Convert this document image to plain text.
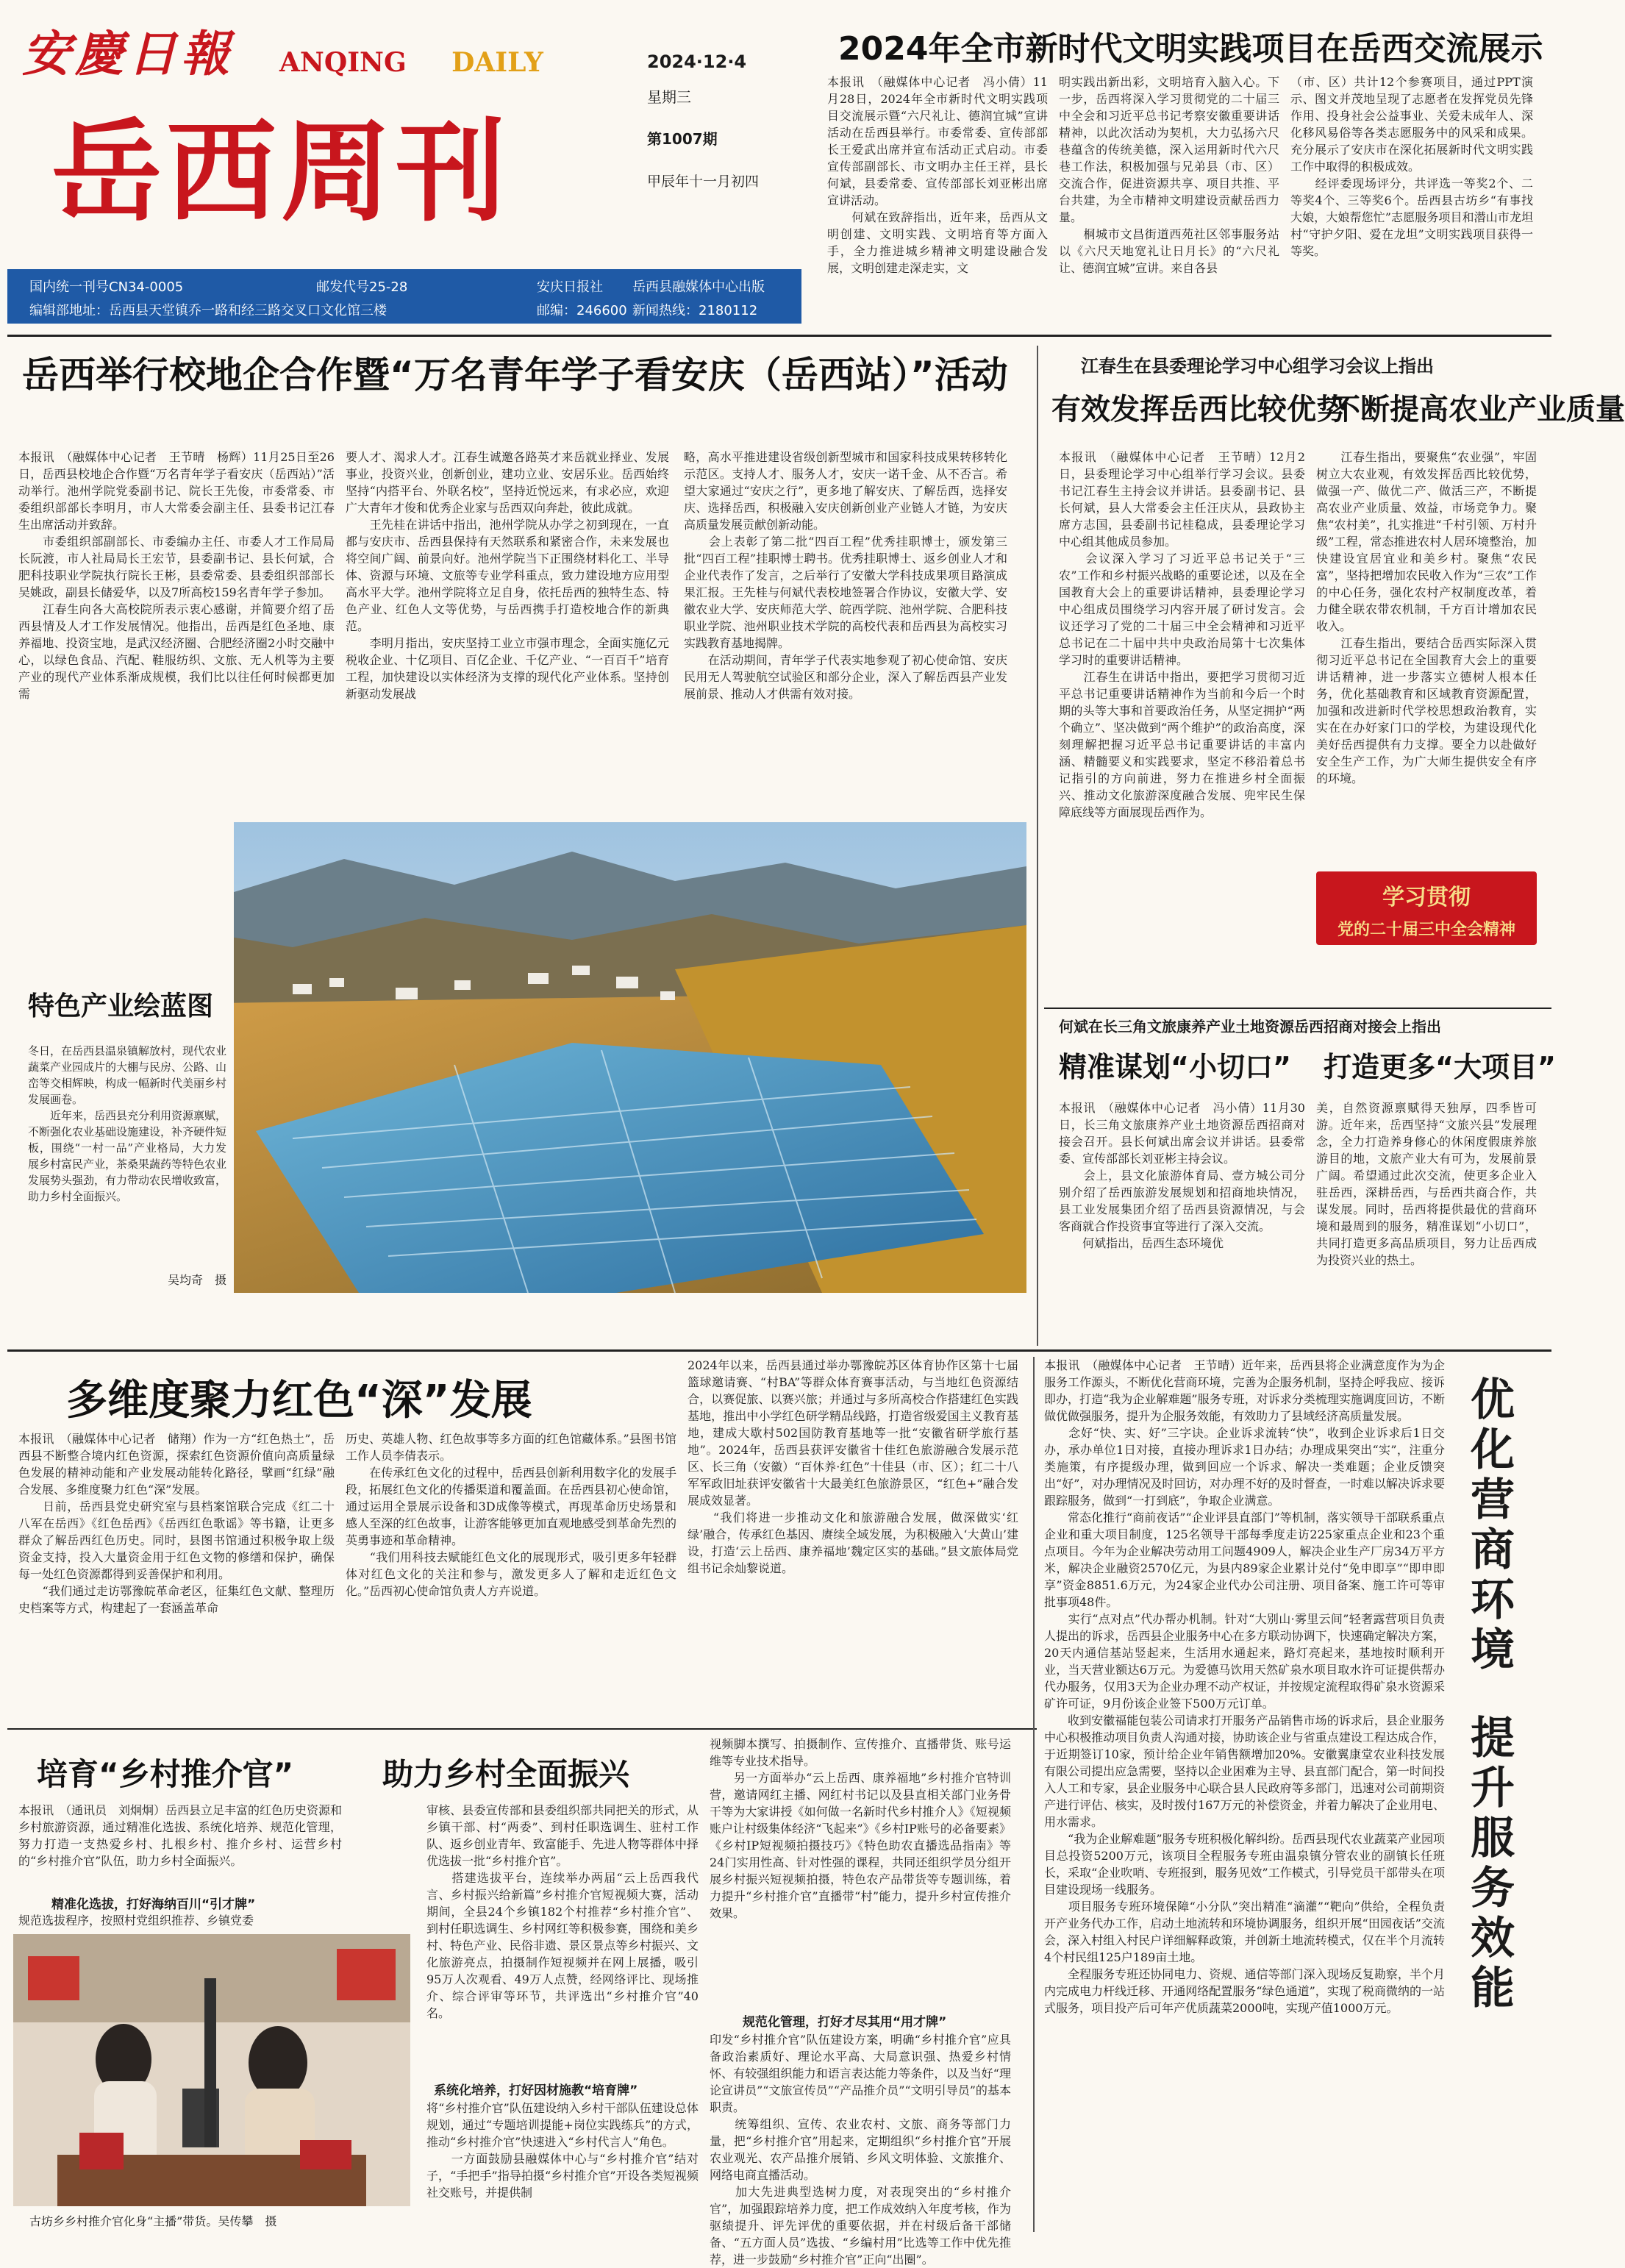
安慶日報 ANQING DAILY
岳西周刊
2024·12·4
星期三
第1007期
甲辰年十一月初四
国内统一刊号CN34-0005	邮发代号25-28	安庆日报社 岳西县融媒体中心出版
编辑部地址：岳西县天堂镇乔一路和经三路交叉口文化馆三楼	邮编：246600 新闻热线：2180112
2024年全市新时代文明实践项目在岳西交流展示
本报讯　（融媒体中心记者　冯小倩）11月28日，2024年全市新时代文明实践项目交流展示暨“六尺礼让、德润宜城”宣讲活动在岳西县举行。市委常委、宣传部部长王爱武出席并宣布活动正式启动。市委宣传部副部长、市文明办主任王祥，县长何斌，县委常委、宣传部部长刘亚彬出席宣讲活动。
　　何斌在致辞指出，近年来，岳西从文明创建、文明实践、文明培育等方面入手，全力推进城乡精神文明建设融合发展，文明创建走深走实，文
明实践出新出彩，文明培育入脑入心。下一步，岳西将深入学习贯彻党的二十届三中全会和习近平总书记考察安徽重要讲话精神，以此次活动为契机，大力弘扬六尺巷蕴含的传统美德，深入运用新时代六尺巷工作法，积极加强与兄弟县（市、区）交流合作，促进资源共享、项目共推、平台共建，为全市精神文明建设贡献岳西力量。
　　桐城市文昌街道西苑社区邻事服务站以《六尺天地宽礼让日月长》的“六尺礼让、德润宜城”宣讲。来自各县
（市、区）共计12个参赛项目，通过PPT演示、图文并茂地呈现了志愿者在发挥党员先锋作用、投身社会公益事业、关爱未成年人、深化移风易俗等各类志愿服务中的风采和成果。充分展示了安庆市在深化拓展新时代文明实践工作中取得的积极成效。
　　经评委现场评分，共评选一等奖2个、二等奖4个、三等奖6个。岳西县古坊乡“有事找大娘，大娘帮您忙”志愿服务项目和潜山市龙坦村“守护夕阳、爱在龙坦”文明实践项目获得一等奖。
岳西举行校地企合作暨“万名青年学子看安庆（岳西站）”活动
本报讯　（融媒体中心记者　王节晴　杨辉）11月25日至26日，岳西县校地企合作暨“万名青年学子看安庆（岳西站）”活动举行。池州学院党委副书记、院长王先俊，市委常委、市委组织部部长李明月，市人大常委会副主任、县委书记江春生出席活动并致辞。
　　市委组织部副部长、市委编办主任、市委人才工作局局长阮渡，市人社局局长王宏节，县委副书记、县长何斌，合肥科技职业学院执行院长王彬，县委常委、县委组织部部长吴姚政，副县长储爱华，以及7所高校159名青年学子参加。
　　江春生向各大高校院所表示衷心感谢，并简要介绍了岳西县情及人才工作发展情况。他指出，岳西是红色圣地、康养福地、投资宝地，是武汉经济圈、合肥经济圈2小时交融中心，以绿色食品、汽配、鞋服纺织、文旅、无人机等为主要产业的现代产业体系渐成规模，我们比以往任何时候都更加需
要人才、渴求人才。江春生诚邀各路英才来岳就业择业、发展事业，投资兴业，创新创业，建功立业、安居乐业。岳西始终坚持“内搭平台、外联名校”，坚持近悦远来，有求必应，欢迎广大青年才俊和优秀企业家与岳西双向奔赴，彼此成就。
　　王先桂在讲话中指出，池州学院从办学之初到现在，一直都与安庆市、岳西县保持有天然联系和紧密合作，未来发展也将空间广阔、前景向好。池州学院当下正围绕材料化工、半导体、资源与环境、文旅等专业学科重点，致力建设地方应用型高水平大学。池州学院将立足自身，依托岳西的独特生态、特色产业、红色人文等优势，与岳西携手打造校地合作的新典范。
　　李明月指出，安庆坚持工业立市强市理念，全面实施亿元税收企业、十亿项目、百亿企业、千亿产业、“一百百千”培育工程，加快建设以实体经济为支撑的现代化产业体系。坚持创新驱动发展战
略，高水平推进建设省级创新型城市和国家科技成果转移转化示范区。支持人才、服务人才，安庆一诺千金、从不否言。希望大家通过“安庆之行”，更多地了解安庆、了解岳西，选择安庆、选择岳西，积极融入安庆创新创业产业链人才链，为安庆高质量发展贡献创新动能。
　　会上表彰了第二批“四百工程”优秀挂职博士，颁发第三批“四百工程”挂职博士聘书。优秀挂职博士、返乡创业人才和企业代表作了发言，之后举行了安徽大学科技成果项目路演成果汇报。王先桂与何斌代表校地签署合作协议，安徽大学、安徽农业大学、安庆师范大学、皖西学院、池州学院、合肥科技职业学院、池州职业技术学院的高校代表和岳西县为高校实习实践教育基地揭牌。
　　在活动期间，青年学子代表实地参观了初心使命馆、安庆民用无人驾驶航空试验区和部分企业，深入了解岳西县产业发展前景、推动人才供需有效对接。
江春生在县委理论学习中心组学习会议上指出
有效发挥岳西比较优势
不断提高农业产业质量
本报讯　（融媒体中心记者　王节晴）12月2日，县委理论学习中心组举行学习会议。县委书记江春生主持会议并讲话。县委副书记、县长何斌，县人大常委会主任汪庆从，县政协主席方志国，县委副书记桂稳成，县委理论学习中心组其他成员参加。
　　会议深入学习了习近平总书记关于“三农”工作和乡村振兴战略的重要论述，以及在全国教育大会上的重要讲话精神，县委理论学习中心组成员围绕学习内容开展了研讨发言。会议还学习了党的二十届三中全会精神和习近平总书记在二十届中共中央政治局第十七次集体学习时的重要讲话精神。
　　江春生在讲话中指出，要把学习贯彻习近平总书记重要讲话精神作为当前和今后一个时期的头等大事和首要政治任务，从坚定拥护“两个确立”、坚决做到“两个维护”的政治高度，深刻理解把握习近平总书记重要讲话的丰富内涵、精髓要义和实践要求，坚定不移沿着总书记指引的方向前进，努力在推进乡村全面振兴、推动文化旅游深度融合发展、兜牢民生保障底线等方面展现岳西作为。
　　江春生指出，要聚焦“农业强”，牢固树立大农业观，有效发挥岳西比较优势，做强一产、做优二产、做活三产，不断提高农业产业质量、效益，市场竞争力。聚焦“农村美”，扎实推进“千村引领、万村升级”工程，常态推进农村人居环境整治，加快建设宜居宜业和美乡村。聚焦“农民富”，坚持把增加农民收入作为“三农”工作的中心任务，强化农村产权制度改革，着力健全联农带农机制，千方百计增加农民收入。
　　江春生指出，要结合岳西实际深入贯彻习近平总书记在全国教育大会上的重要讲话精神，进一步落实立德树人根本任务，优化基础教育和区域教育资源配置，加强和改进新时代学校思想政治教育，实实在在办好家门口的学校，为建设现代化美好岳西提供有力支撑。要全力以赴做好安全生产工作，为广大师生提供安全有序的环境。
学习贯彻
党的二十届三中全会精神
特色产业绘蓝图
冬日，在岳西县温泉镇解放村，现代农业蔬菜产业园成片的大棚与民房、公路、山峦等交相辉映，构成一幅新时代美丽乡村发展画卷。
　　近年来，岳西县充分利用资源禀赋，不断强化农业基础设施建设，补齐硬件短板，围绕“一村一品”产业格局，大力发展乡村富民产业，茶桑果蔬药等特色农业发展势头强劲，有力带动农民增收致富，助力乡村全面振兴。
吴均奇　摄
何斌在长三角文旅康养产业土地资源岳西招商对接会上指出
精准谋划“小切口” 打造更多“大项目”
本报讯　（融媒体中心记者　冯小倩）11月30日，长三角文旅康养产业土地资源岳西招商对接会召开。县长何斌出席会议并讲话。县委常委、宣传部部长刘亚彬主持会议。
　　会上，县文化旅游体育局、壹方城公司分别介绍了岳西旅游发展规划和招商地块情况，县工业发展集团介绍了岳西县资源情况，与会客商就合作投资事宜等进行了深入交流。
　　何斌指出，岳西生态环境优
美，自然资源禀赋得天独厚，四季皆可游。近年来，岳西坚持“文旅兴县”发展理念，全力打造养身修心的休闲度假康养旅游目的地，文旅产业大有可为，发展前景广阔。希望通过此次交流，使更多企业入驻岳西，深耕岳西，与岳西共商合作，共谋发展。同时，岳西将提供最优的营商环境和最周到的服务，精准谋划“小切口”，共同打造更多高品质项目，努力让岳西成为投资兴业的热土。
多维度聚力红色“深”发展
本报讯　（融媒体中心记者　储翔）作为一方“红色热土”，岳西县不断整合境内红色资源，探索红色资源价值向高质量绿色发展的精神动能和产业发展动能转化路径，擘画“红绿”融合发展、多维度聚力红色“深”发展。
　　日前，岳西县党史研究室与县档案馆联合完成《红二十八军在岳西》《红色岳西》《岳西红色歌谣》等书籍，让更多群众了解岳西红色历史。同时，县图书馆通过积极争取上级资金支持，投入大量资金用于红色文物的修缮和保护，确保每一处红色资源都得到妥善保护和利用。
　　“我们通过走访鄂豫皖革命老区，征集红色文献、整理历史档案等方式，构建起了一套涵盖革命
历史、英雄人物、红色故事等多方面的红色馆藏体系。”县图书馆工作人员李倩表示。
　　在传承红色文化的过程中，岳西县创新利用数字化的发展手段，拓展红色文化的传播渠道和覆盖面。在岳西县初心使命馆，通过运用全景展示设备和3D成像等模式，再现革命历史场景和感人至深的红色故事，让游客能够更加直观地感受到革命先烈的英勇事迹和革命精神。
　　“我们用科技去赋能红色文化的展现形式，吸引更多年轻群体对红色文化的关注和参与，激发更多人了解和走近红色文化。”岳西初心使命馆负责人方卉说道。
2024年以来，岳西县通过举办鄂豫皖苏区体育协作区第十七届篮球邀请赛、“村BA”等群众体育赛事活动，与当地红色资源结合，以赛促旅、以赛兴旅；并通过与多所高校合作搭建红色实践基地，推出中小学红色研学精品线路，打造省级爱国主义教育基地，建成大歇村502国防教育基地等一批“安徽省研学旅行基地”。2024年，岳西县获评安徽省十佳红色旅游融合发展示范区、长三角（安徽）“百休养·红色”十佳县（市、区）；红二十八军军政旧址获评安徽省十大最美红色旅游景区，“红色+”融合发展成效显著。
　　“我们将进一步推动文化和旅游融合发展，做深做实‘红绿’融合，传承红色基因、赓续全域发展，为积极融入‘大黄山’建设，打造‘云上岳西、康养福地’魏定区实的基础。”县文旅体局党组书记余灿黎说道。
培育“乡村推介官”	助力乡村全面振兴
本报讯　（通讯员　刘炯炯）岳西县立足丰富的红色历史资源和乡村旅游资源，通过精准化选拔、系统化培养、规范化管理，努力打造一支热爱乡村、扎根乡村、推介乡村、运营乡村的“乡村推介官”队伍，助力乡村全面振兴。
精准化选拔，打好海纳百川“引才牌”
规范选拔程序，按照村党组织推荐、乡镇党委
古坊乡乡村推介官化身“主播”带货。吴传攀　摄
审核、县委宣传部和县委组织部共同把关的形式，从乡镇干部、村“两委”、到村任职选调生、驻村工作队、返乡创业青年、致富能手、先进人物等群体中择优选拔一批“乡村推介官”。
　　搭建选拔平台，连续举办两届“云上岳西我代言、乡村振兴给新篇”乡村推介官短视频大赛，活动期间，全县24个乡镇182个村推荐“乡村推介官”、到村任职选调生、乡村网红等积极参赛，围绕和美乡村、特色产业、民俗非遗、景区景点等乡村振兴、文化旅游亮点，拍摄制作短视频并在网上展播，吸引95万人次观看、49万人点赞，经网络评比、现场推介、综合评审等环节，共评选出“乡村推介官”40名。
系统化培养，打好因材施教“培育牌”
将“乡村推介官”队伍建设纳入乡村干部队伍建设总体规划，通过“专题培训提能+岗位实践练兵”的方式，推动“乡村推介官”快速进入“乡村代言人”角色。
　　一方面鼓励县融媒体中心与“乡村推介官”结对子，“手把手”指导拍摄“乡村推介官”开设各类短视频社交账号，并提供制
视频脚本撰写、拍摄制作、宣传推介、直播带货、账号运维等专业技术指导。
　　另一方面举办“云上岳西、康养福地”乡村推介官特训营，邀请网红主播、网红村书记以及县直相关部门业务骨干等为大家讲授《如何做一名新时代乡村推介人》《短视频账户让村级集体经济“飞起来”》《乡村IP账号的必备要素》《乡村IP短视频拍摄技巧》《特色助农直播选品指南》等24门实用性高、针对性强的课程，共同还组织学员分组开展乡村振兴短视频拍摄，特色农产品带货等专题训练，着力提升“乡村推介官”直播带“村”能力，提升乡村宣传推介效果。
规范化管理，打好才尽其用“用才牌”
印发“乡村推介官”队伍建设方案，明确“乡村推介官”应具备政治素质好、理论水平高、大局意识强、热爱乡村情怀、有较强组织能力和语言表达能力等条件，以及当好“理论宣讲员”“文旅宣传员”“产品推介员”“文明引导员”的基本职责。
　　统筹组织、宣传、农业农村、文旅、商务等部门力量，把“乡村推介官”用起来，定期组织“乡村推介官”开展农业观光、农产品推介展销、乡风文明体验、文旅推介、网络电商直播活动。
　　加大先进典型选树力度，对表现突出的“乡村推介官”，加强跟踪培养力度，把工作成效纳入年度考核，作为驱绩提升、评先评优的重要依据，并在村级后备干部储备、“五方面人员”选拔、“乡编村用”比选等工作中优先推荐，进一步鼓励“乡村推介官”正向“出圈”。
本报讯　（融媒体中心记者　王节晴）近年来，岳西县将企业满意度作为为企服务工作源头，不断优化营商环境，完善为企服务机制，坚持企呼我应、接诉即办，打造“我为企业解难题”服务专班，对诉求分类梳理实施调度回访，不断做优做强服务，提升为企服务效能，有效助力了县域经济高质量发展。
　　念好“快、实、好”三字诀。企业诉求流转“快”，收到企业诉求后1日交办，承办单位1日对接，直接办理诉求1日办结；办理成果突出“实”，注重分类施策，有序提级办理，做到回应一个诉求、解决一类难题；企业反馈突出“好”，对办理情况及时回访，对办理不好的及时督查，一时难以解决诉求要跟踪服务，做到“一打到底”，争取企业满意。
　　常态化推行“商前夜话”“企业评县直部门”等机制，落实领导干部联系重点企业和重大项目制度，125名领导干部每季度走访225家重点企业和23个重点项目。今年为企业解决劳动用工问题4909人，解决企业生产厂房34万平方米，解决企业融资2570亿元，为县内89家企业累计兑付“免申即享”“即申即享”资金8851.6万元，为24家企业代办公司注册、项目备案、施工许可等审批事项48件。
　　实行“点对点”代办帮办机制。针对“大别山·雾里云间”轻奢露营项目负责人提出的诉求，岳西县企业服务中心在多方联动协调下，快速确定解决方案，20天内通信基站竖起来，生活用水通起来，路灯亮起来，基地按时顺利开业，当天营业额达6万元。为爱德马饮用天然矿泉水项目取水许可证提供帮办代办服务，仅用3天为企业办理不动产权证，并按规定流程取得矿泉水资源采矿许可证，9月份该企业签下500万元订单。
　　收到安徽福能包装公司请求打开服务产品销售市场的诉求后，县企业服务中心积极推动项目负责人沟通对接，协助该企业与省重点建设工程达成合作，于近期签订10家，预计给企业年销售额增加20%。安徽翼康堂农业科技发展有限公司提出应急需要，坚持以企业困难为主导、县直部门配合，第一时间投入人工和专家，县企业服务中心联合县人民政府等多部门，迅速对公司前期资产进行评估、核实，及时拨付167万元的补偿资金，并着力解决了企业用电、用水需求。
　　“我为企业解难题”服务专班积极化解纠纷。岳西县现代农业蔬菜产业园项目总投资5200万元，该项目全程服务专班由温泉镇分管农业的副镇长任班长，采取“企业吹哨、专班报到，服务见效”工作模式，引导党员干部带头在项目建设现场一线服务。
　　项目服务专班环境保障“小分队”突出精准“滴灌”“靶向”供给，全程负责开产业务代办工作，启动土地流转和环境协调服务，组织开展“田园夜话”交流会，深入村组入村民户详细解释政策，并创新土地流转模式，仅在半个月流转4个村民组125户189亩土地。
　　全程服务专班还协同电力、资规、通信等部门深入现场反复勘察，半个月内完成电力杆线迁移、开通网络配置服务“绿色通道”，实现了税商微纳的一站式服务，项目投产后可年产优质蔬菜2000吨，实现产值1000万元。
优
化
营
商
环
境
提
升
服
务
效
能
